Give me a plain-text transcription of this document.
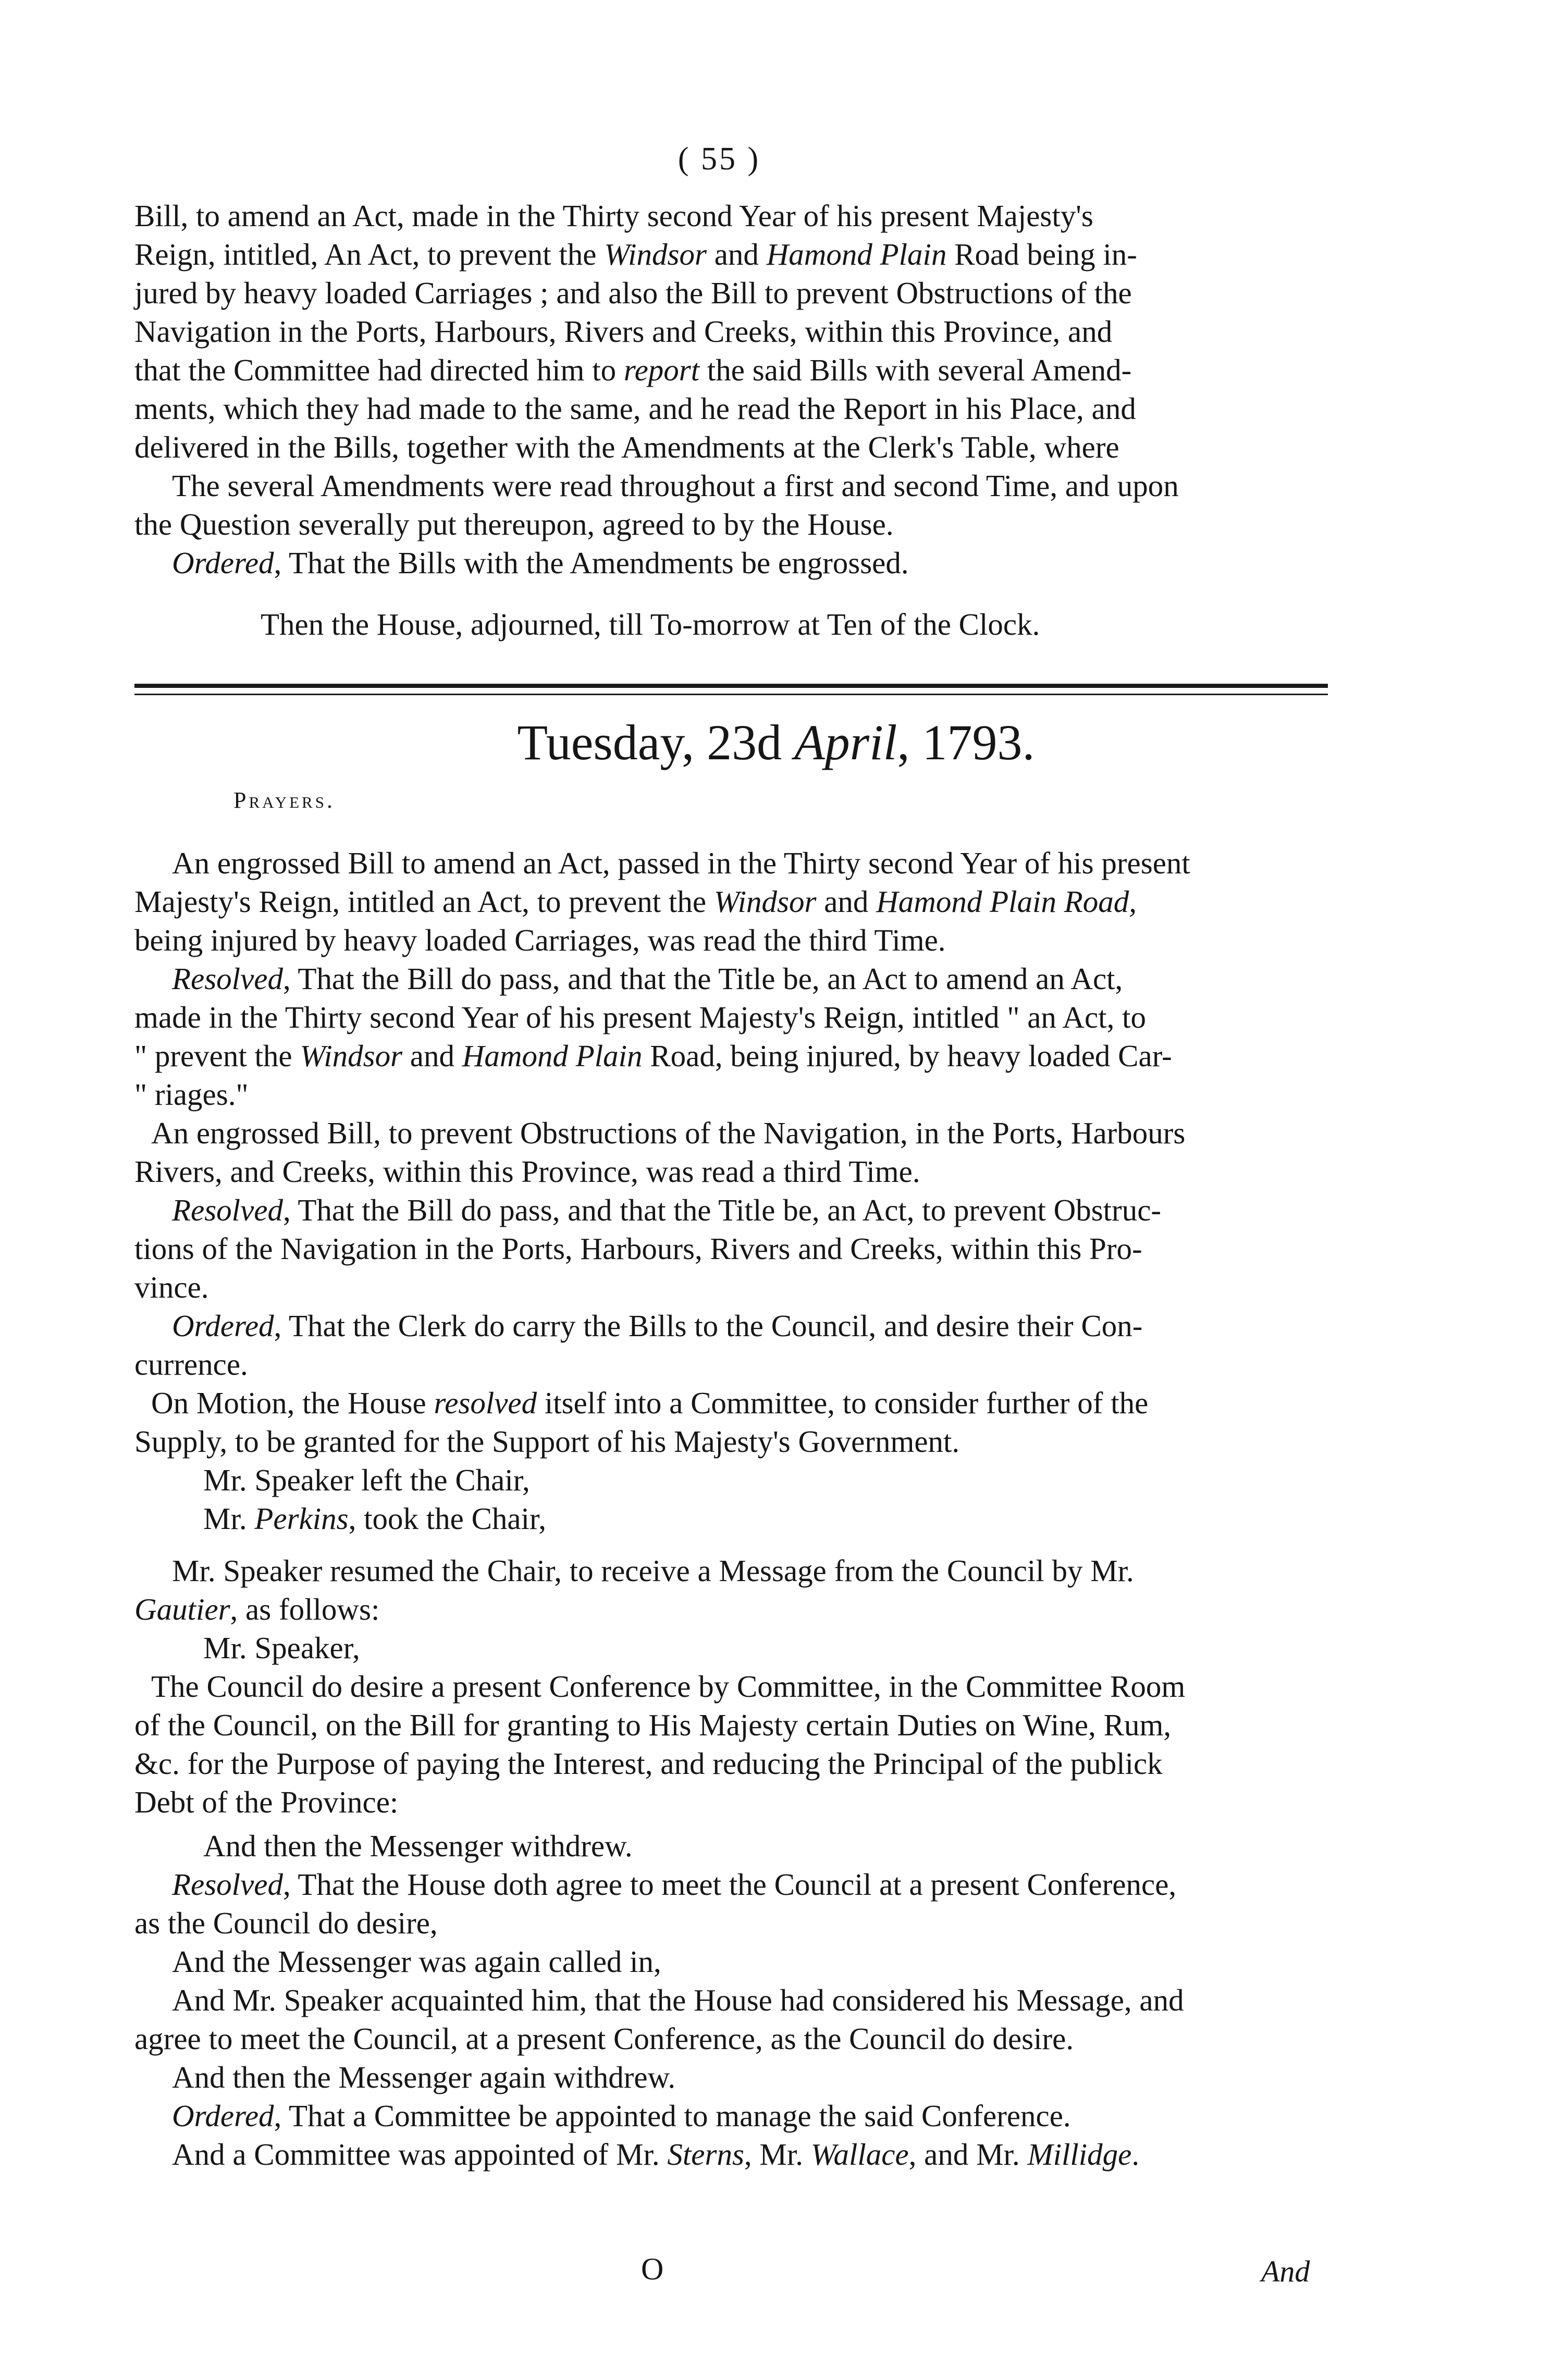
( 55 )
Bill, to amend an Act, made in the Thirty second Year of his present Majesty's
Reign, intitled, An Act, to prevent the Windsor and Hamond Plain Road being in-
jured by heavy loaded Carriages ; and also the Bill to prevent Obstructions of the
Navigation in the Ports, Harbours, Rivers and Creeks, within this Province, and
that the Committee had directed him to report the said Bills with several Amend-
ments, which they had made to the same, and he read the Report in his Place, and
delivered in the Bills, together with the Amendments at the Clerk's Table, where
The several Amendments were read throughout a first and second Time, and upon
the Question severally put thereupon, agreed to by the House.
Ordered, That the Bills with the Amendments be engrossed.
Then the House, adjourned, till To-morrow at Ten of the Clock.
Tuesday, 23d April, 1793.
Prayers.
An engrossed Bill to amend an Act, passed in the Thirty second Year of his present
Majesty's Reign, intitled an Act, to prevent the Windsor and Hamond Plain Road,
being injured by heavy loaded Carriages, was read the third Time.
Resolved, That the Bill do pass, and that the Title be, an Act to amend an Act,
made in the Thirty second Year of his present Majesty's Reign, intitled " an Act, to
" prevent the Windsor and Hamond Plain Road, being injured, by heavy loaded Car-
" riages."
An engrossed Bill, to prevent Obstructions of the Navigation, in the Ports, Harbours
Rivers, and Creeks, within this Province, was read a third Time.
Resolved, That the Bill do pass, and that the Title be, an Act, to prevent Obstruc-
tions of the Navigation in the Ports, Harbours, Rivers and Creeks, within this Pro-
vince.
Ordered, That the Clerk do carry the Bills to the Council, and desire their Con-
currence.
On Motion, the House resolved itself into a Committee, to consider further of the
Supply, to be granted for the Support of his Majesty's Government.
Mr. Speaker left the Chair,
Mr. Perkins, took the Chair,
Mr. Speaker resumed the Chair, to receive a Message from the Council by Mr.
Gautier, as follows:
Mr. Speaker,
The Council do desire a present Conference by Committee, in the Committee Room
of the Council, on the Bill for granting to His Majesty certain Duties on Wine, Rum,
&c. for the Purpose of paying the Interest, and reducing the Principal of the publick
Debt of the Province:
And then the Messenger withdrew.
Resolved, That the House doth agree to meet the Council at a present Conference,
as the Council do desire,
And the Messenger was again called in,
And Mr. Speaker acquainted him, that the House had considered his Message, and
agree to meet the Council, at a present Conference, as the Council do desire.
And then the Messenger again withdrew.
Ordered, That a Committee be appointed to manage the said Conference.
And a Committee was appointed of Mr. Sterns, Mr. Wallace, and Mr. Millidge.
O	And
